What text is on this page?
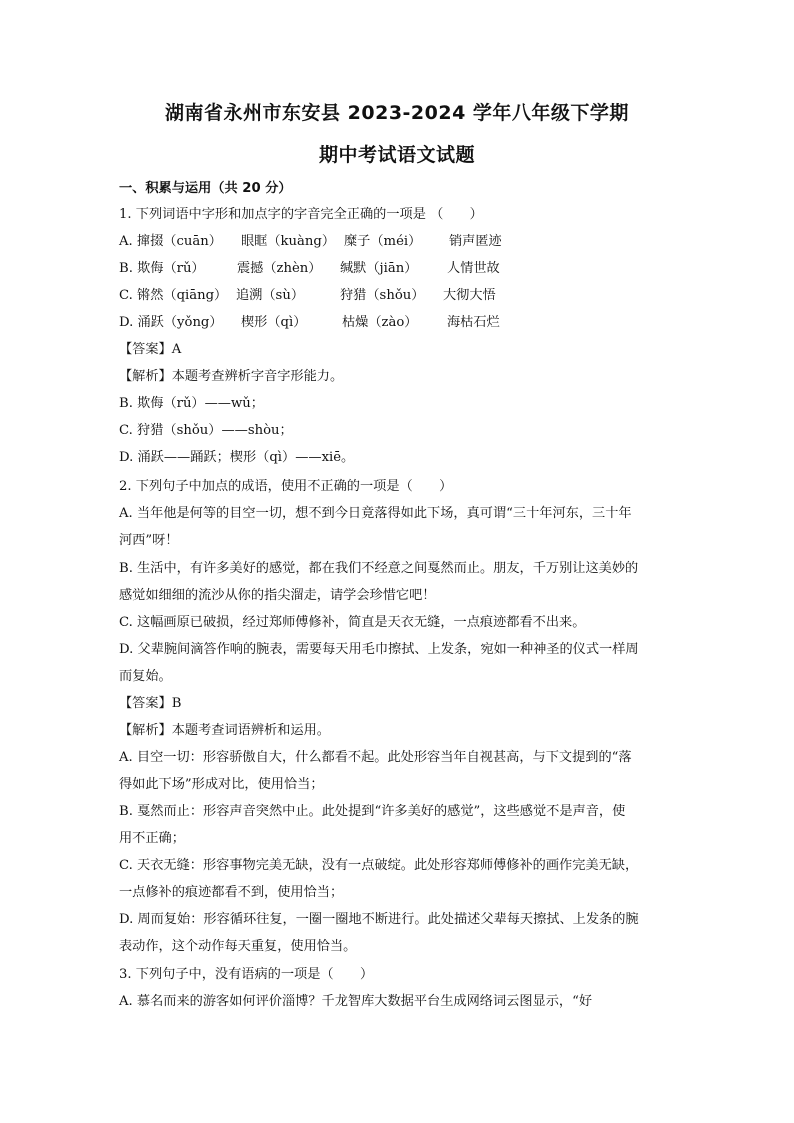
湖南省永州市东安县 2023-2024 学年八年级下学期
期中考试语文试题
一、积累与运用（共 20 分）
1. 下列词语中字形和加点字的字音完全正确的一项是 （　　）
A. 撺掇（cuān） 眼眶（kuàng） 糜子（méi） 销声匿迹
B. 欺侮（rǔ） 震撼（zhèn） 缄默（jiān） 人情世故
C. 锵然（qiāng） 追溯（sù）	狩猎（shǒu） 大彻大悟
D. 涌跃（yǒng） 楔形（qì）	枯燥（zào） 海枯石烂
【答案】A
【解析】本题考查辨析字音字形能力。
B. 欺侮（rǔ）——wǔ；
C. 狩猎（shǒu）——shòu；
D. 涌跃——踊跃；楔形（qì）——xiē。
2. 下列句子中加点的成语，使用不正确的一项是（　　）
A. 当年他是何等的目空一切，想不到今日竟落得如此下场，真可谓“三十年河东，三十年
河西”呀！
B. 生活中，有许多美好的感觉，都在我们不经意之间戛然而止。朋友，千万别让这美妙的
感觉如细细的流沙从你的指尖溜走，请学会珍惜它吧！
C. 这幅画原已破损，经过郑师傅修补，简直是天衣无缝，一点痕迹都看不出来。
D. 父辈腕间滴答作响的腕表，需要每天用毛巾擦拭、上发条，宛如一种神圣的仪式一样周
而复始。
【答案】B
【解析】本题考查词语辨析和运用。
A. 目空一切：形容骄傲自大，什么都看不起。此处形容当年自视甚高，与下文提到的“落
得如此下场”形成对比，使用恰当；
B. 戛然而止：形容声音突然中止。此处提到“许多美好的感觉”，这些感觉不是声音，使
用不正确；
C. 天衣无缝：形容事物完美无缺，没有一点破绽。此处形容郑师傅修补的画作完美无缺，
一点修补的痕迹都看不到，使用恰当；
D. 周而复始：形容循环往复，一圈一圈地不断进行。此处描述父辈每天擦拭、上发条的腕
表动作，这个动作每天重复，使用恰当。
3. 下列句子中，没有语病的一项是（　　）
A. 慕名而来的游客如何评价淄博？千龙智库大数据平台生成网络词云图显示，“好
